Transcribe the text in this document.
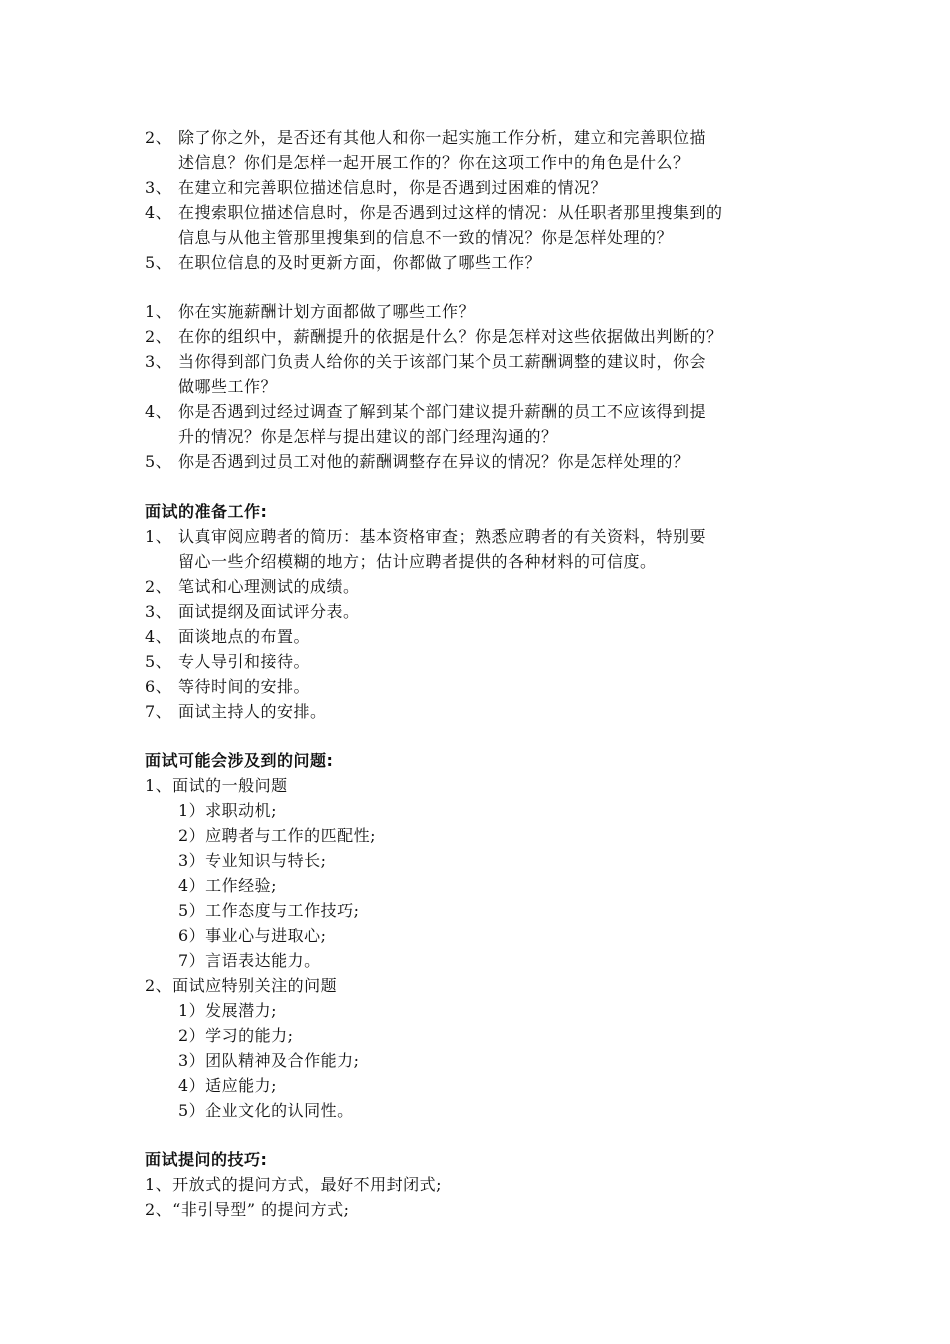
2、 除了你之外，是否还有其他人和你一起实施工作分析，建立和完善职位描
述信息？你们是怎样一起开展工作的？你在这项工作中的角色是什么？
3、 在建立和完善职位描述信息时，你是否遇到过困难的情况？
4、 在搜索职位描述信息时，你是否遇到过这样的情况：从任职者那里搜集到的
信息与从他主管那里搜集到的信息不一致的情况？你是怎样处理的？
5、 在职位信息的及时更新方面，你都做了哪些工作？
1、 你在实施薪酬计划方面都做了哪些工作？
2、 在你的组织中，薪酬提升的依据是什么？你是怎样对这些依据做出判断的？
3、 当你得到部门负责人给你的关于该部门某个员工薪酬调整的建议时，你会
做哪些工作？
4、 你是否遇到过经过调查了解到某个部门建议提升薪酬的员工不应该得到提
升的情况？你是怎样与提出建议的部门经理沟通的？
5、 你是否遇到过员工对他的薪酬调整存在异议的情况？你是怎样处理的？
面试的准备工作:
1、 认真审阅应聘者的简历：基本资格审查；熟悉应聘者的有关资料，特别要
留心一些介绍模糊的地方；估计应聘者提供的各种材料的可信度。
2、 笔试和心理测试的成绩。
3、 面试提纲及面试评分表。
4、 面谈地点的布置。
5、 专人导引和接待。
6、 等待时间的安排。
7、 面试主持人的安排。
面试可能会涉及到的问题:
1、面试的一般问题
1）求职动机;
2）应聘者与工作的匹配性;
3）专业知识与特长;
4）工作经验;
5）工作态度与工作技巧;
6）事业心与进取心;
7）言语表达能力。
2、面试应特别关注的问题
1）发展潜力;
2）学习的能力;
3）团队精神及合作能力;
4）适应能力;
5）企业文化的认同性。
面试提问的技巧:
1、开放式的提问方式，最好不用封闭式;
2、“非引导型” 的提问方式;
